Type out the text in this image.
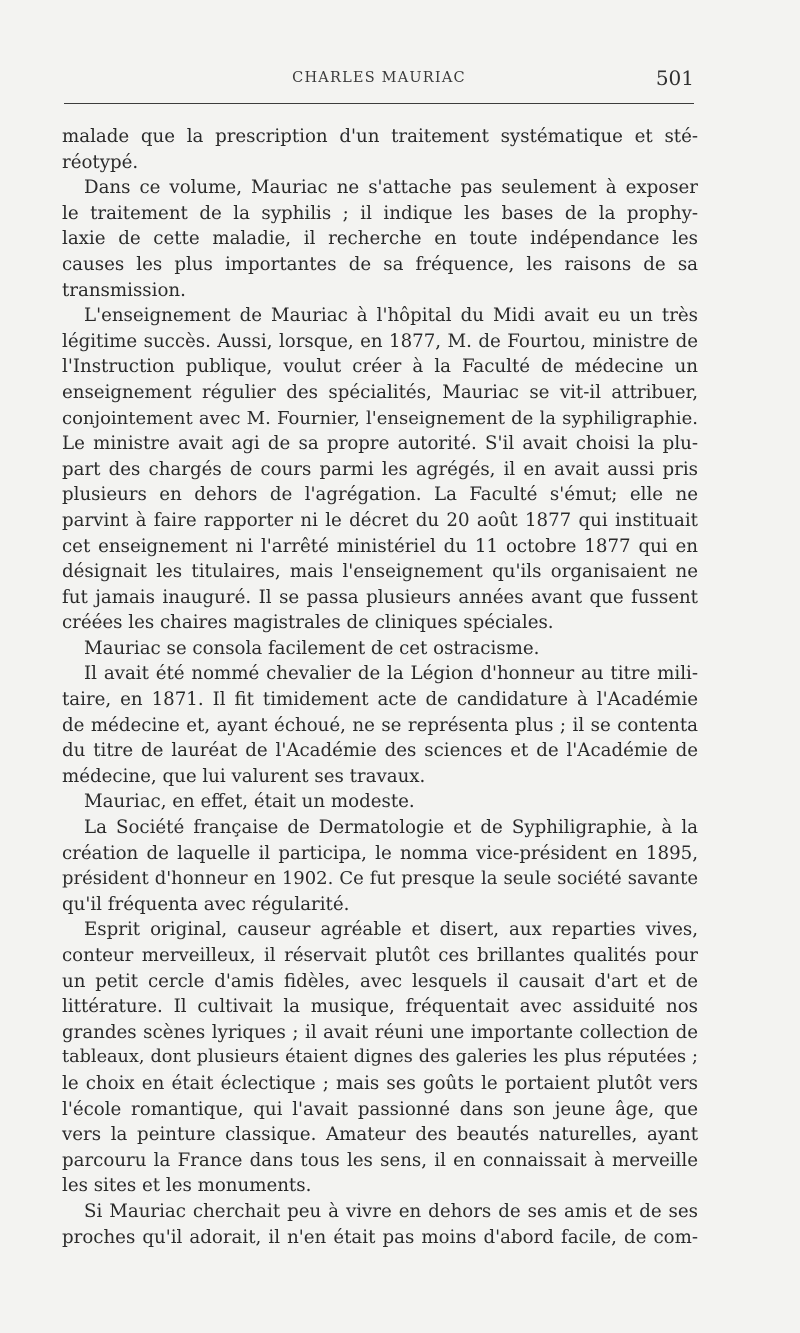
CHARLES MAURIAC	501
malade que la prescription d'un traitement systématique et sté-
réotypé.
Dans ce volume, Mauriac ne s'attache pas seulement à exposer
le traitement de la syphilis ; il indique les bases de la prophy-
laxie de cette maladie, il recherche en toute indépendance les
causes les plus importantes de sa fréquence, les raisons de sa
transmission.
L'enseignement de Mauriac à l'hôpital du Midi avait eu un très
légitime succès. Aussi, lorsque, en 1877, M. de Fourtou, ministre de
l'Instruction publique, voulut créer à la Faculté de médecine un
enseignement régulier des spécialités, Mauriac se vit-il attribuer,
conjointement avec M. Fournier, l'enseignement de la syphiligraphie.
Le ministre avait agi de sa propre autorité. S'il avait choisi la plu-
part des chargés de cours parmi les agrégés, il en avait aussi pris
plusieurs en dehors de l'agrégation. La Faculté s'émut; elle ne
parvint à faire rapporter ni le décret du 20 août 1877 qui instituait
cet enseignement ni l'arrêté ministériel du 11 octobre 1877 qui en
désignait les titulaires, mais l'enseignement qu'ils organisaient ne
fut jamais inauguré. Il se passa plusieurs années avant que fussent
créées les chaires magistrales de cliniques spéciales.
Mauriac se consola facilement de cet ostracisme.
Il avait été nommé chevalier de la Légion d'honneur au titre mili-
taire, en 1871. Il fit timidement acte de candidature à l'Académie
de médecine et, ayant échoué, ne se représenta plus ; il se contenta
du titre de lauréat de l'Académie des sciences et de l'Académie de
médecine, que lui valurent ses travaux.
Mauriac, en effet, était un modeste.
La Société française de Dermatologie et de Syphiligraphie, à la
création de laquelle il participa, le nomma vice-président en 1895,
président d'honneur en 1902. Ce fut presque la seule société savante
qu'il fréquenta avec régularité.
Esprit original, causeur agréable et disert, aux reparties vives,
conteur merveilleux, il réservait plutôt ces brillantes qualités pour
un petit cercle d'amis fidèles, avec lesquels il causait d'art et de
littérature. Il cultivait la musique, fréquentait avec assiduité nos
grandes scènes lyriques ; il avait réuni une importante collection de
tableaux, dont plusieurs étaient dignes des galeries les plus réputées ;
le choix en était éclectique ; mais ses goûts le portaient plutôt vers
l'école romantique, qui l'avait passionné dans son jeune âge, que
vers la peinture classique. Amateur des beautés naturelles, ayant
parcouru la France dans tous les sens, il en connaissait à merveille
les sites et les monuments.
Si Mauriac cherchait peu à vivre en dehors de ses amis et de ses
proches qu'il adorait, il n'en était pas moins d'abord facile, de com-
